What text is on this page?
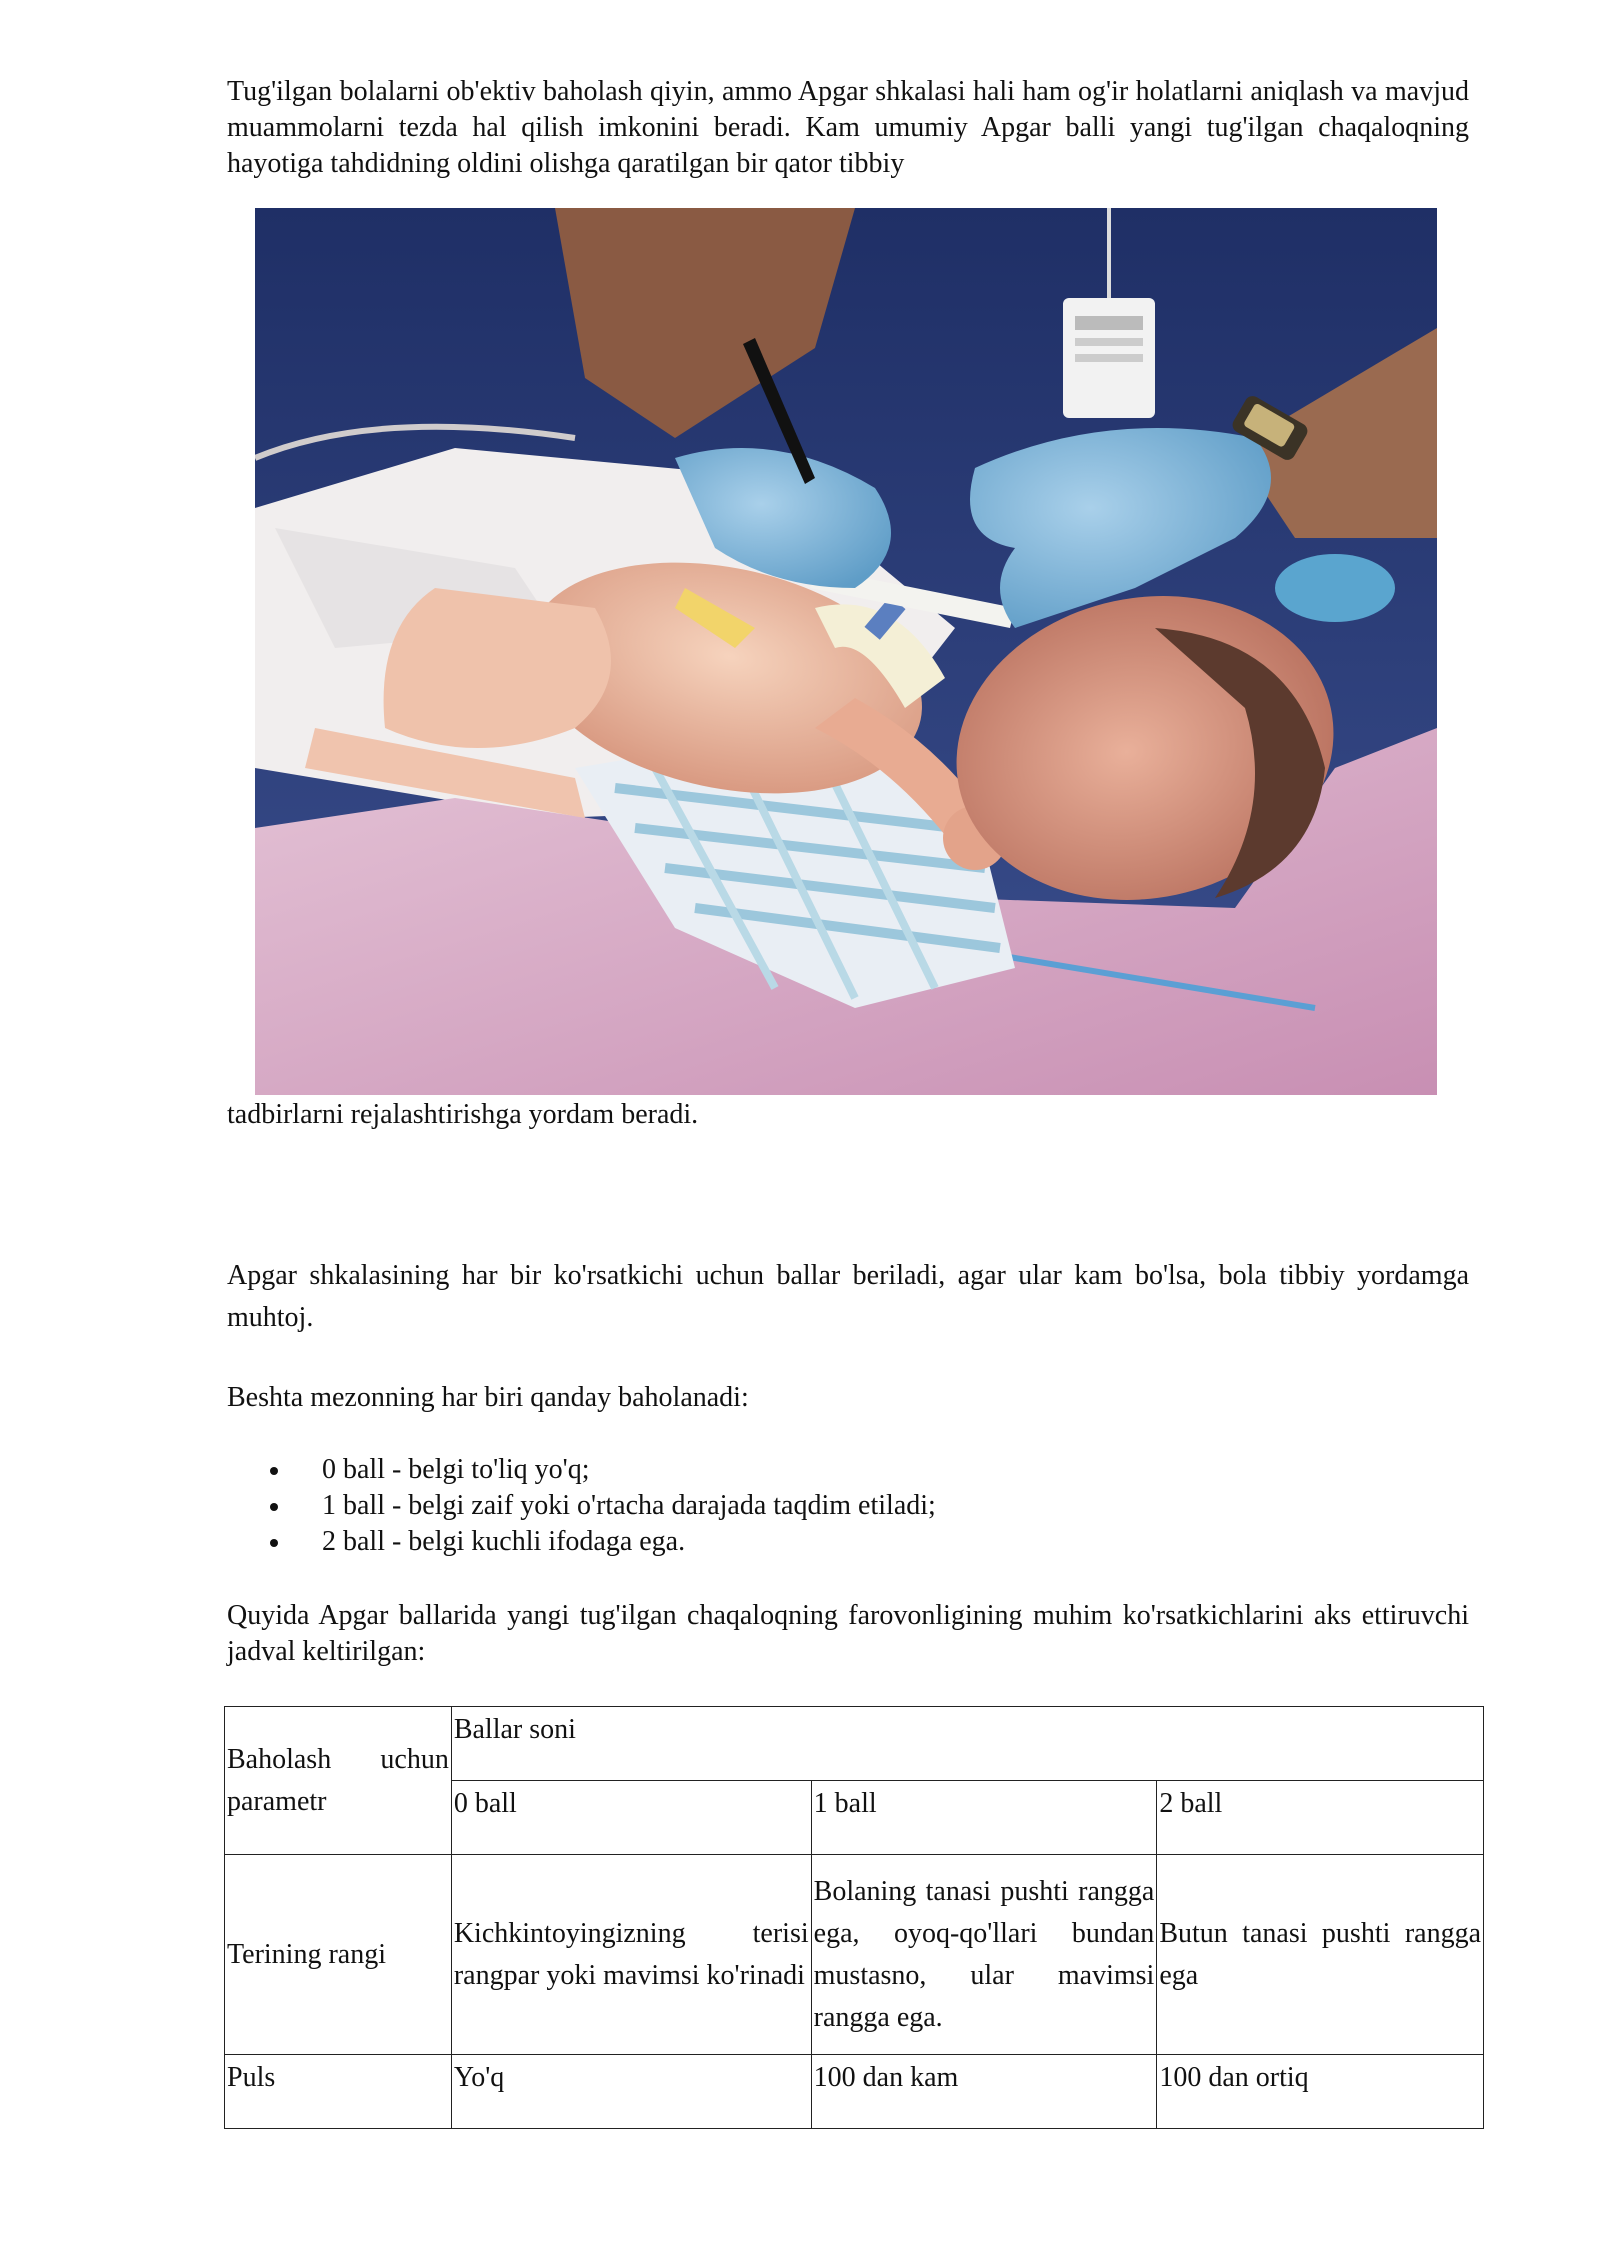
Tug'ilgan bolalarni ob'ektiv baholash qiyin, ammo Apgar shkalasi hali ham og'ir holatlarni aniqlash va mavjud muammolarni tezda hal qilish imkonini beradi. Kam umumiy Apgar balli yangi tug'ilgan chaqaloqning hayotiga tahdidning oldini olishga qaratilgan bir qator tibbiy

tadbirlarni rejalashtirishga yordam beradi.

Apgar shkalasining har bir ko'rsatkichi uchun ballar beriladi, agar ular kam bo'lsa, bola tibbiy yordamga muhtoj.

Beshta mezonning har biri qanday baholanadi:

0 ball - belgi to'liq yo'q;
1 ball - belgi zaif yoki o'rtacha darajada taqdim etiladi;
2 ball - belgi kuchli ifodaga ega.

Quyida Apgar ballarida yangi tug'ilgan chaqaloqning farovonligining muhim ko'rsatkichlarini aks ettiruvchi jadval keltirilgan:

Baholash uchun parametr	Ballar soni		
	0 ball	1 ball	2 ball
Terining rangi	Kichkintoyingizning terisi rangpar yoki mavimsi ko'rinadi	Bolaning tanasi pushti rangga ega, oyoq-qo'llari bundan mustasno, ular mavimsi rangga ega.	Butun tanasi pushti rangga ega
Puls	Yo'q	100 dan kam	100 dan ortiq
